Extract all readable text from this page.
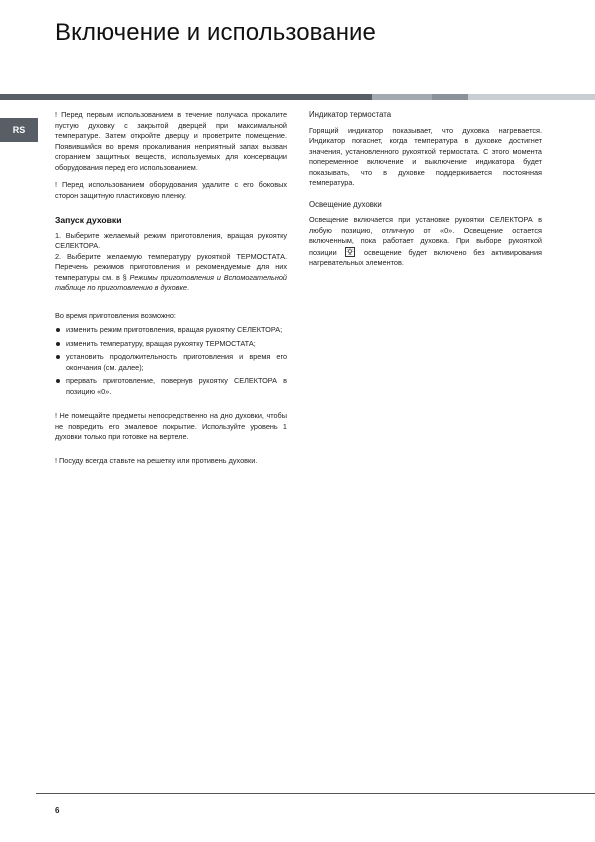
Включение и использование
RS

! Перед первым использованием в течение получаса прокалите пустую духовку с закрытой дверцей при максимальной температуре. Затем откройте дверцу и проветрите помещение. Появившийся во время прокаливания неприятный запах вызван сгоранием защитных веществ, используемых для консервации оборудования перед его использованием.

! Перед использованием оборудования удалите с его боковых сторон защитную пластиковую пленку.

Запуск духовки

1. Выберите желаемый режим приготовления, вращая рукоятку СЕЛЕКТОРА.

2. Выберите желаемую температуру рукояткой ТЕРМОСТАТА. Перечень режимов приготовления и рекомендуемые для них температуры см. в § Режимы приготовления и Вспомогательной таблице по приготовлению в духовке.

Во время приготовления возможно:

изменить режим приготовления, вращая рукоятку СЕЛЕКТОРА;
изменить температуру, вращая рукоятку ТЕРМОСТАТА;
установить продолжительность приготовления и время его окончания (см. далее);
прервать приготовление, повернув рукоятку СЕЛЕКТОРА в позицию «0».

! Не помещайте предметы непосредственно на дно духовки, чтобы не повредить его эмалевое покрытие. Используйте уровень 1 духовки только при готовке на вертеле.

! Посуду всегда ставьте на решетку или противень духовки.

Индикатор термостата

Горящий индикатор показывает, что духовка нагревается. Индикатор погаснет, когда температура в духовке достигнет значения, установленного рукояткой термостата. С этого момента попеременное включение и выключение индикатора будет показывать, что в духовке поддерживается постоянная температура.

Освещение духовки

Освещение включается при установке рукоятки СЕЛЕКТОРА в любую позицию, отличную от «0». Освещение остается включенным, пока работает духовка. При выборе рукояткой позиции	освещение будет включено без активирования нагревательных элементов.

6
